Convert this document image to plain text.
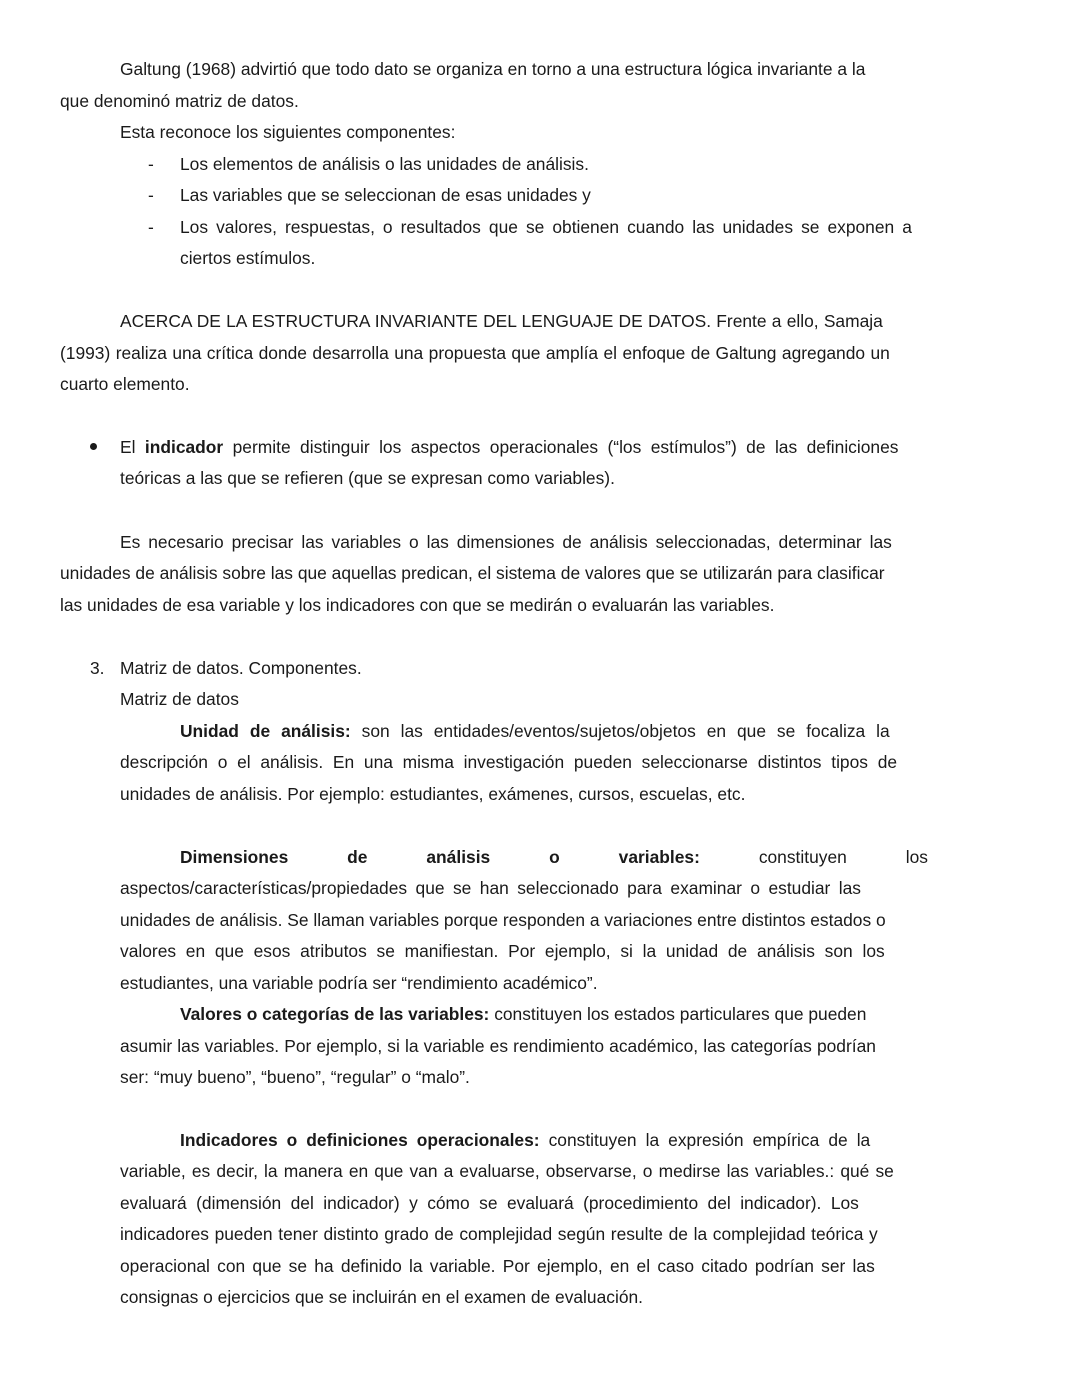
Galtung (1968) advirtió que todo dato se organiza en torno a una estructura lógica invariante a la
que denominó matriz de datos.
Esta reconoce los siguientes componentes:
- Los elementos de análisis o las unidades de análisis.
- Las variables que se seleccionan de esas unidades y
- Los valores, respuestas, o resultados que se obtienen cuando las unidades se exponen a
ciertos estímulos.
ACERCA DE LA ESTRUCTURA INVARIANTE DEL LENGUAJE DE DATOS. Frente a ello, Samaja
(1993) realiza una crítica donde desarrolla una propuesta que amplía el enfoque de Galtung agregando un
cuarto elemento.
El indicador permite distinguir los aspectos operacionales (“los estímulos”) de las definiciones
teóricas a las que se refieren (que se expresan como variables).
Es necesario precisar las variables o las dimensiones de análisis seleccionadas, determinar las
unidades de análisis sobre las que aquellas predican, el sistema de valores que se utilizarán para clasificar
las unidades de esa variable y los indicadores con que se medirán o evaluarán las variables.
3. Matriz de datos. Componentes.
Matriz de datos
Unidad de análisis: son las entidades/eventos/sujetos/objetos en que se focaliza la
descripción o el análisis. En una misma investigación pueden seleccionarse distintos tipos de
unidades de análisis. Por ejemplo: estudiantes, exámenes, cursos, escuelas, etc.
Dimensiones	de	análisis	o	variables:	constituyen	los
aspectos/características/propiedades que se han seleccionado para examinar o estudiar las
unidades de análisis. Se llaman variables porque responden a variaciones entre distintos estados o
valores en que esos atributos se manifiestan. Por ejemplo, si la unidad de análisis son los
estudiantes, una variable podría ser “rendimiento académico”.
Valores o categorías de las variables: constituyen los estados particulares que pueden
asumir las variables. Por ejemplo, si la variable es rendimiento académico, las categorías podrían
ser: “muy bueno”, “bueno”, “regular” o “malo”.
Indicadores o definiciones operacionales: constituyen la expresión empírica de la
variable, es decir, la manera en que van a evaluarse, observarse, o medirse las variables.: qué se
evaluará (dimensión del indicador) y cómo se evaluará (procedimiento del indicador). Los
indicadores pueden tener distinto grado de complejidad según resulte de la complejidad teórica y
operacional con que se ha definido la variable. Por ejemplo, en el caso citado podrían ser las
consignas o ejercicios que se incluirán en el examen de evaluación.
